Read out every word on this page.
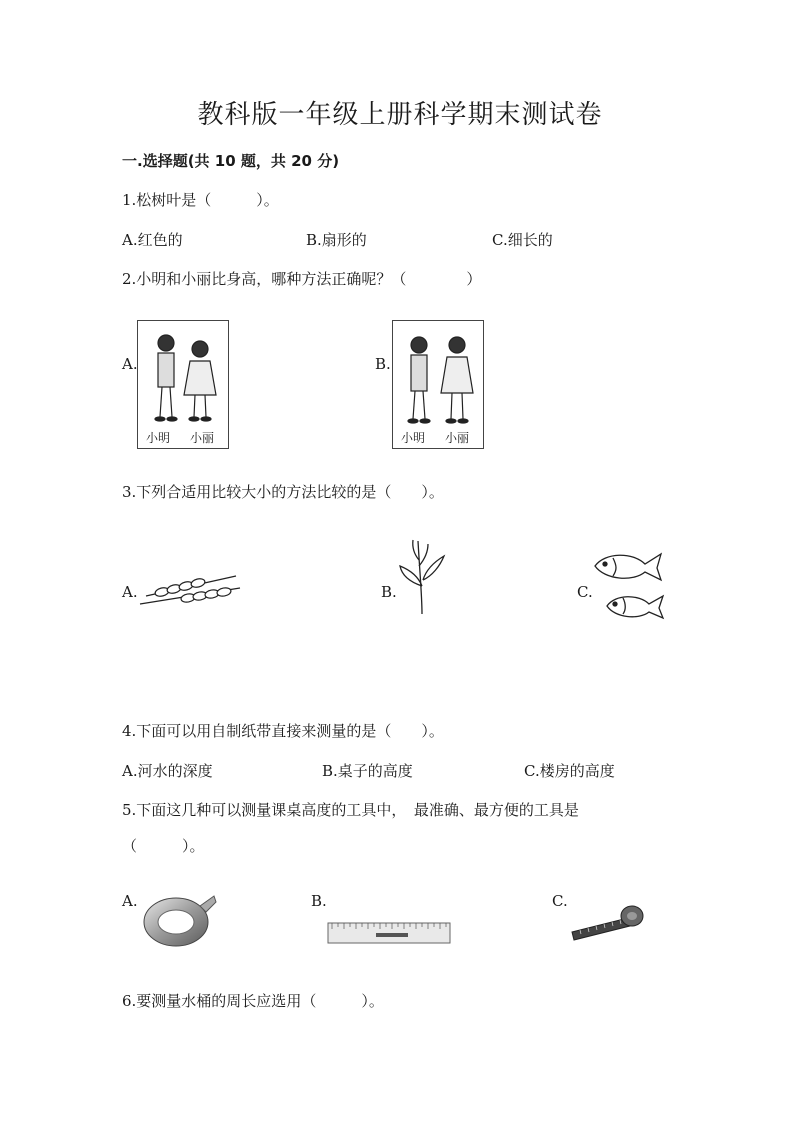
教科版一年级上册科学期末测试卷
一.选择题(共 10 题，共 20 分)
1.松树叶是（　　　）。
A.红色的	B.扇形的	C.细长的
2.小明和小丽比身高，哪种方法正确呢？（　　　　）
A.	B.
小明 小丽	小明 小丽
3.下列合适用比较大小的方法比较的是（　　）。
A.	B.	C.
4.下面可以用自制纸带直接来测量的是（　　）。
A.河水的深度	B.桌子的高度	C.楼房的高度
5.下面这几种可以测量课桌高度的工具中，　最准确、最方便的工具是
（　　　）。
A.	B.	C.
6.要测量水桶的周长应选用（　　　）。
